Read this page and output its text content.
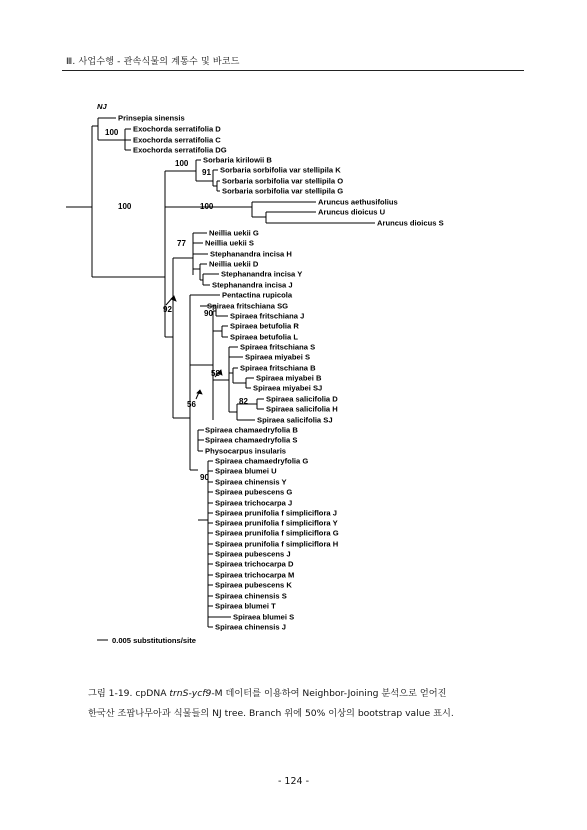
Ⅲ. 사업수행 - 관속식물의 계통수 및 바코드
NJ
Prinsepia sinensis
Exochorda serratifolia D
Exochorda serratifolia C
Exochorda serratifolia DG
Sorbaria kirilowii B
Sorbaria sorbifolia var stellipila K
Sorbaria sorbifolia var stellipila O
Sorbaria sorbifolia var stellipila G
Aruncus aethusifolius
Aruncus dioicus U
Aruncus dioicus S
Neillia uekii G
Neillia uekii S
Stephanandra incisa H
Neillia uekii D
Stephanandra incisa Y
Stephanandra incisa J
Pentactina rupicola
Spiraea fritschiana SG
Spiraea fritschiana J
Spiraea betufolia R
Spiraea betufolia L
Spiraea fritschiana S
Spiraea miyabei S
Spiraea fritschiana B
Spiraea miyabei B
Spiraea miyabei SJ
Spiraea salicifolia D
Spiraea salicifolia H
Spiraea salicifolia SJ
Spiraea chamaedryfolia B
Spiraea chamaedryfolia S
Physocarpus insularis
Spiraea chamaedryfolia G
Spiraea blumei U
Spiraea chinensis Y
Spiraea pubescens G
Spiraea trichocarpa J
Spiraea prunifolia f simpliciflora J
Spiraea prunifolia f simpliciflora Y
Spiraea prunifolia f simpliciflora G
Spiraea prunifolia f simpliciflora H
Spiraea pubescens J
Spiraea trichocarpa D
Spiraea trichocarpa M
Spiraea pubescens K
Spiraea chinensis S
Spiraea blumei T
Spiraea blumei S
Spiraea chinensis J
100
100
91
100	100
77
92	90
58
82
56
90
0.005 substitutions/site
그림 1-19. cpDNA trnS-ycf9-M 데이터를 이용하여 Neighbor-Joining 분석으로 얻어진
한국산 조팝나무아과 식물들의 NJ tree. Branch 위에 50% 이상의 bootstrap value 표시.
- 124 -
